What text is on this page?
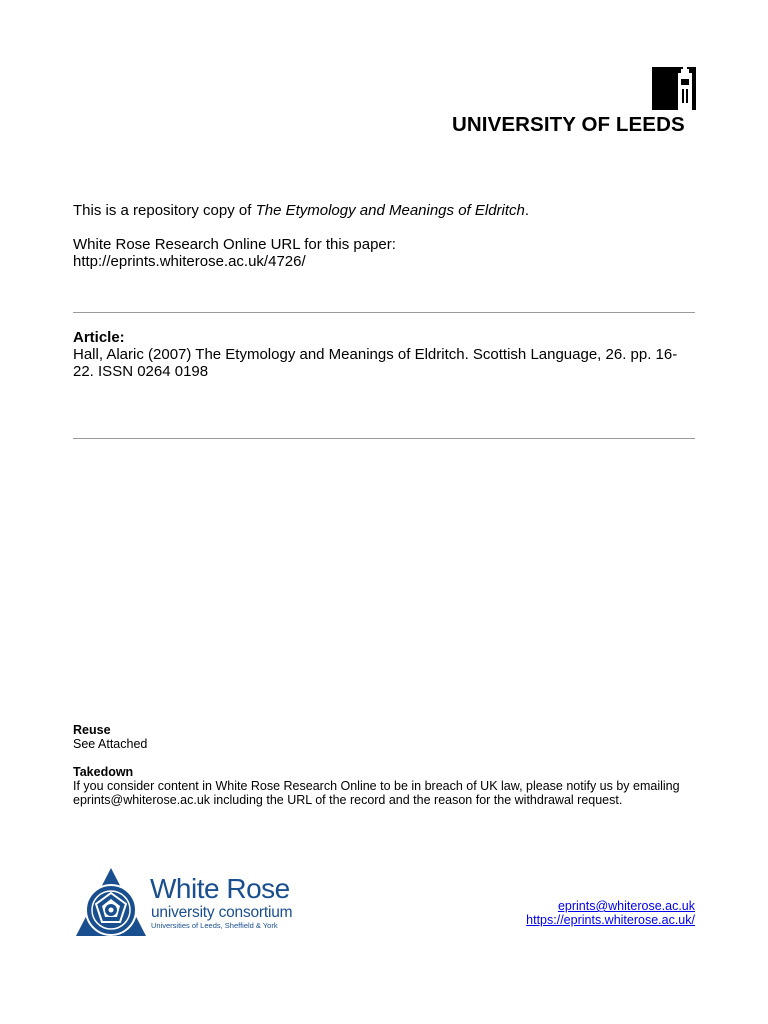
UNIVERSITY OF LEEDS
This is a repository copy of The Etymology and Meanings of Eldritch.
White Rose Research Online URL for this paper:
http://eprints.whiterose.ac.uk/4726/
Article:
Hall, Alaric (2007) The Etymology and Meanings of Eldritch. Scottish Language, 26. pp. 16-22. ISSN 0264 0198
Reuse
See Attached
Takedown
If you consider content in White Rose Research Online to be in breach of UK law, please notify us by emailing eprints@whiterose.ac.uk including the URL of the record and the reason for the withdrawal request.
White Rose
university consortium
Universities of Leeds, Sheffield & York
eprints@whiterose.ac.uk
https://eprints.whiterose.ac.uk/
